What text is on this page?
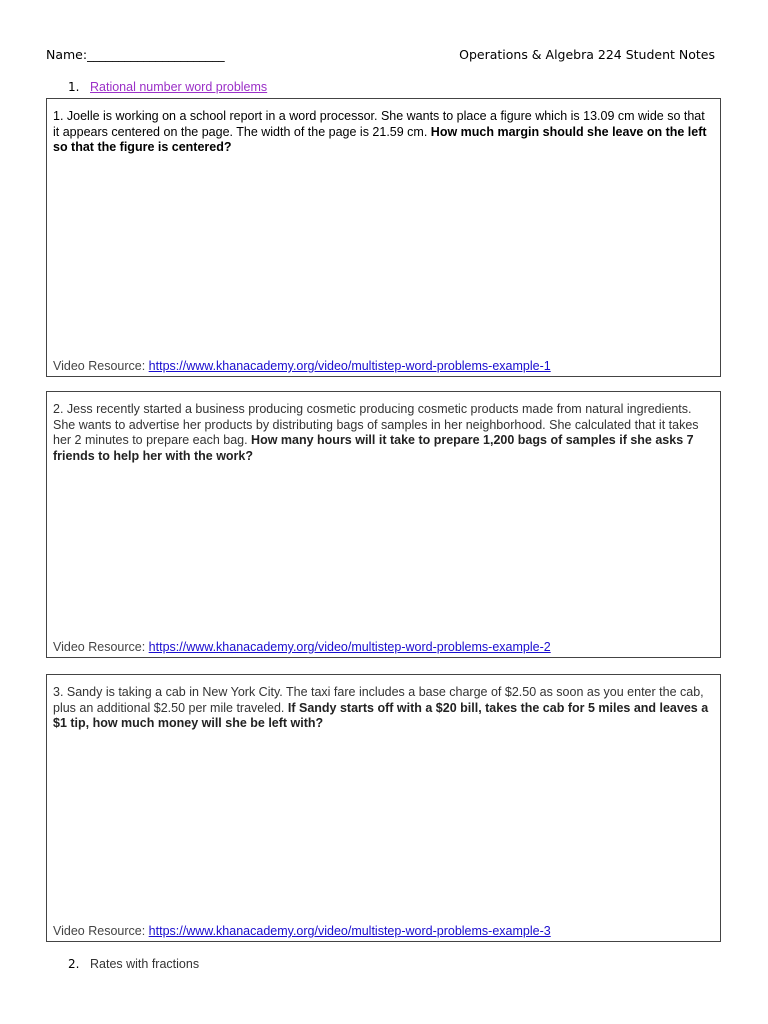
Name:______________________	Operations & Algebra 224 Student Notes
1. Rational number word problems

1. Joelle is working on a school report in a word processor. She wants to place a figure which is 13.09 cm wide so that it appears centered on the page. The width of the page is 21.59 cm. How much margin should she leave on the left so that the figure is centered?

Video Resource: https://www.khanacademy.org/video/multistep-word-problems-example-1

2. Jess recently started a business producing cosmetic producing cosmetic products made from natural ingredients. She wants to advertise her products by distributing bags of samples in her neighborhood. She calculated that it takes her 2 minutes to prepare each bag. How many hours will it take to prepare 1,200 bags of samples if she asks 7 friends to help her with the work?

Video Resource: https://www.khanacademy.org/video/multistep-word-problems-example-2

3. Sandy is taking a cab in New York City. The taxi fare includes a base charge of $2.50 as soon as you enter the cab, plus an additional $2.50 per mile traveled. If Sandy starts off with a $20 bill, takes the cab for 5 miles and leaves a $1 tip, how much money will she be left with?

Video Resource: https://www.khanacademy.org/video/multistep-word-problems-example-3
2. Rates with fractions
